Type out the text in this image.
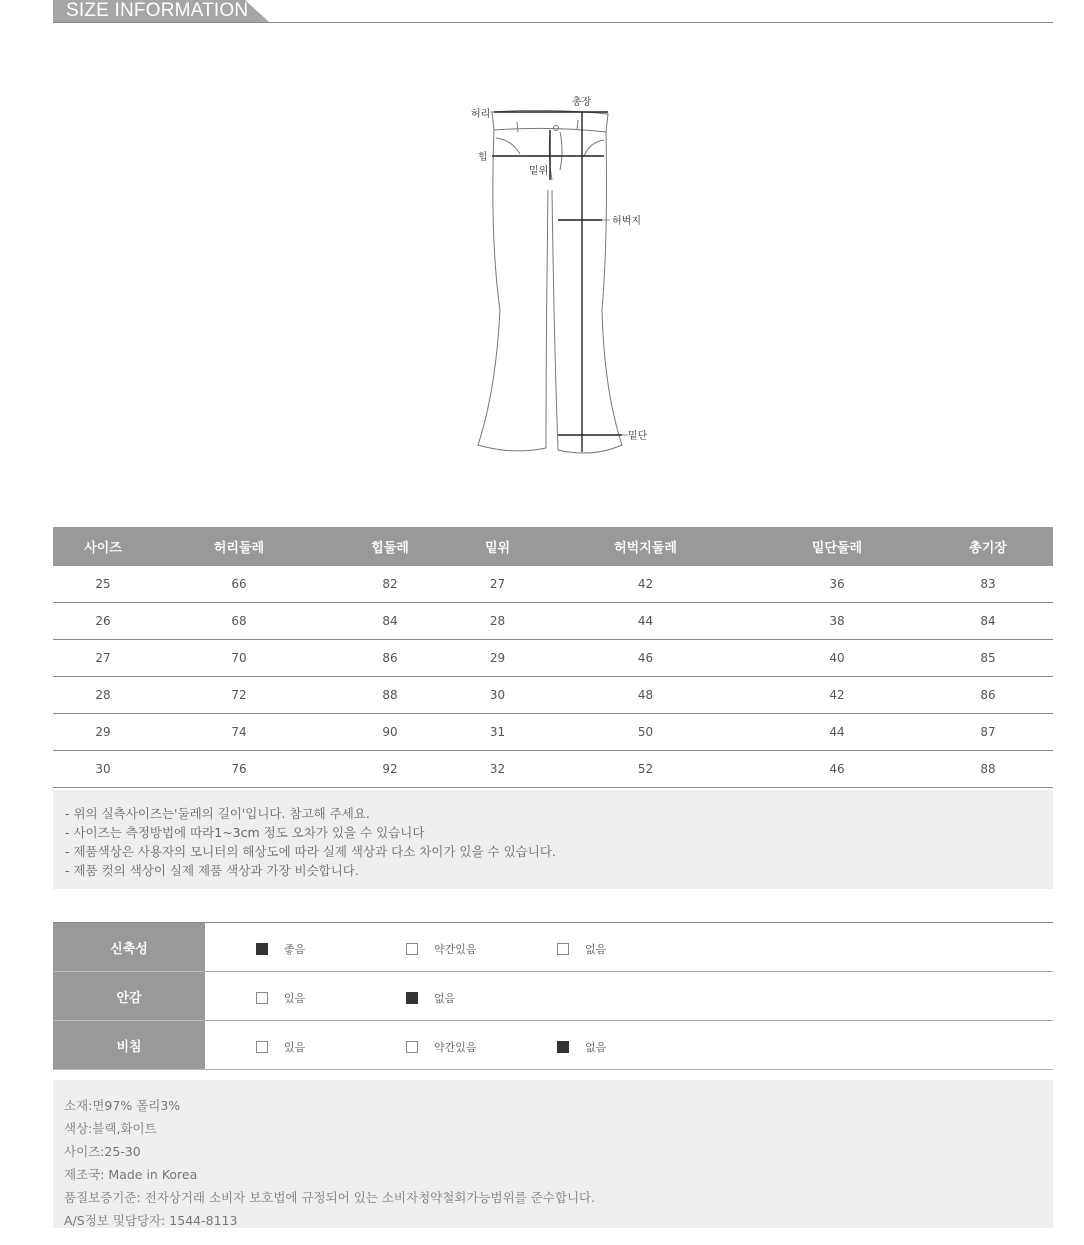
SIZE INFORMATION
허리
총장
힙
밑위
허벅지
밑단
사이즈	허리둘레	힙둘레	밑위	허벅지둘레	밑단둘레	총기장
25	66	82	27	42	36	83
26	68	84	28	44	38	84
27	70	86	29	46	40	85
28	72	88	30	48	42	86
29	74	90	31	50	44	87
30	76	92	32	52	46	88
- 위의 실측사이즈는'둘레의 길이'입니다. 참고해 주세요.
- 사이즈는 측정방법에 따라1~3cm 정도 오차가 있을 수 있습니다
- 제품색상은 사용자의 모니터의 해상도에 따라 실제 색상과 다소 차이가 있을 수 있습니다.
- 제품 컷의 색상이 실제 제품 색상과 가장 비슷합니다.
신축성	좋음 약간있음 없음

안감	있음 없음

비침	있음 약간있음 없음
소재:면97% 폴리3%
색상:블랙,화이트
사이즈:25-30
제조국: Made in Korea
품질보증기준: 전자상거래 소비자 보호법에 규정되어 있는 소비자청약철회가능범위를 준수합니다.
A/S정보 및담당자: 1544-8113
